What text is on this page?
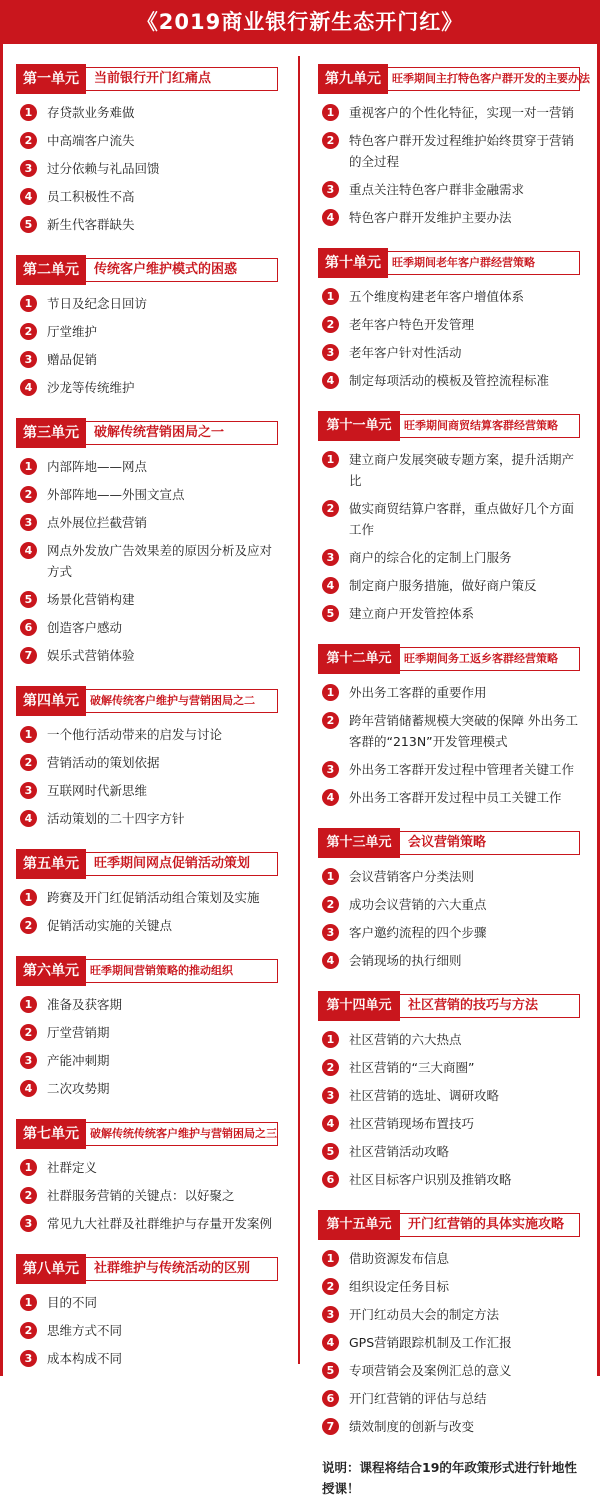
《2019商业银行新生态开门红》
当前银行开门红痛点
第一单元
1	存贷款业务难做
2	中高端客户流失
3	过分依赖与礼品回馈
4	员工积极性不高
5	新生代客群缺失
传统客户维护模式的困惑
第二单元
1	节日及纪念日回访
2	厅堂维护
3	赠品促销
4	沙龙等传统维护
破解传统营销困局之一
第三单元
1	内部阵地——网点
2	外部阵地——外围文宣点
3	点外展位拦截营销
4	网点外发放广告效果差的原因分析及应对方式
5	场景化营销构建
6	创造客户感动
7	娱乐式营销体验
破解传统客户维护与营销困局之二
第四单元
1	一个他行活动带来的启发与讨论
2	营销活动的策划依据
3	互联网时代新思维
4	活动策划的二十四字方针
旺季期间网点促销活动策划
第五单元
1	跨赛及开门红促销活动组合策划及实施
2	促销活动实施的关键点
旺季期间营销策略的推动组织
第六单元
1	准备及获客期
2	厅堂营销期
3	产能冲刺期
4	二次攻势期
破解传统传统客户维护与营销困局之三
第七单元
1	社群定义
2	社群服务营销的关键点：以好聚之
3	常见九大社群及社群维护与存量开发案例
社群维护与传统活动的区别
第八单元
1	目的不同
2	思维方式不同
3	成本构成不同
旺季期间主打特色客户群开发的主要办法
第九单元
1	重视客户的个性化特征，实现一对一营销
2	特色客户群开发过程维护始终贯穿于营销的全过程
3	重点关注特色客户群非金融需求
4	特色客户群开发维护主要办法
旺季期间老年客户群经营策略
第十单元
1	五个维度构建老年客户增值体系
2	老年客户特色开发管理
3	老年客户针对性活动
4	制定每项活动的模板及管控流程标准
旺季期间商贸结算客群经营策略
第十一单元
1	建立商户发展突破专题方案，提升活期产比
2	做实商贸结算户客群，重点做好几个方面工作
3	商户的综合化的定制上门服务
4	制定商户服务措施，做好商户策反
5	建立商户开发管控体系
旺季期间务工返乡客群经营策略
第十二单元
1	外出务工客群的重要作用
2	跨年营销储蓄规模大突破的保障 外出务工客群的“213N”开发管理模式
3	外出务工客群开发过程中管理者关键工作
4	外出务工客群开发过程中员工关键工作
会议营销策略
第十三单元
1	会议营销客户分类法则
2	成功会议营销的六大重点
3	客户邀约流程的四个步骤
4	会销现场的执行细则
社区营销的技巧与方法
第十四单元
1	社区营销的六大热点
2	社区营销的“三大商圈”
3	社区营销的选址、调研攻略
4	社区营销现场布置技巧
5	社区营销活动攻略
6	社区目标客户识别及推销攻略
开门红营销的具体实施攻略
第十五单元
1	借助资源发布信息
2	组织设定任务目标
3	开门红动员大会的制定方法
4	GPS营销跟踪机制及工作汇报
5	专项营销会及案例汇总的意义
6	开门红营销的评估与总结
7	绩效制度的创新与改变
说明：课程将结合19的年政策形式进行针地性授课！
